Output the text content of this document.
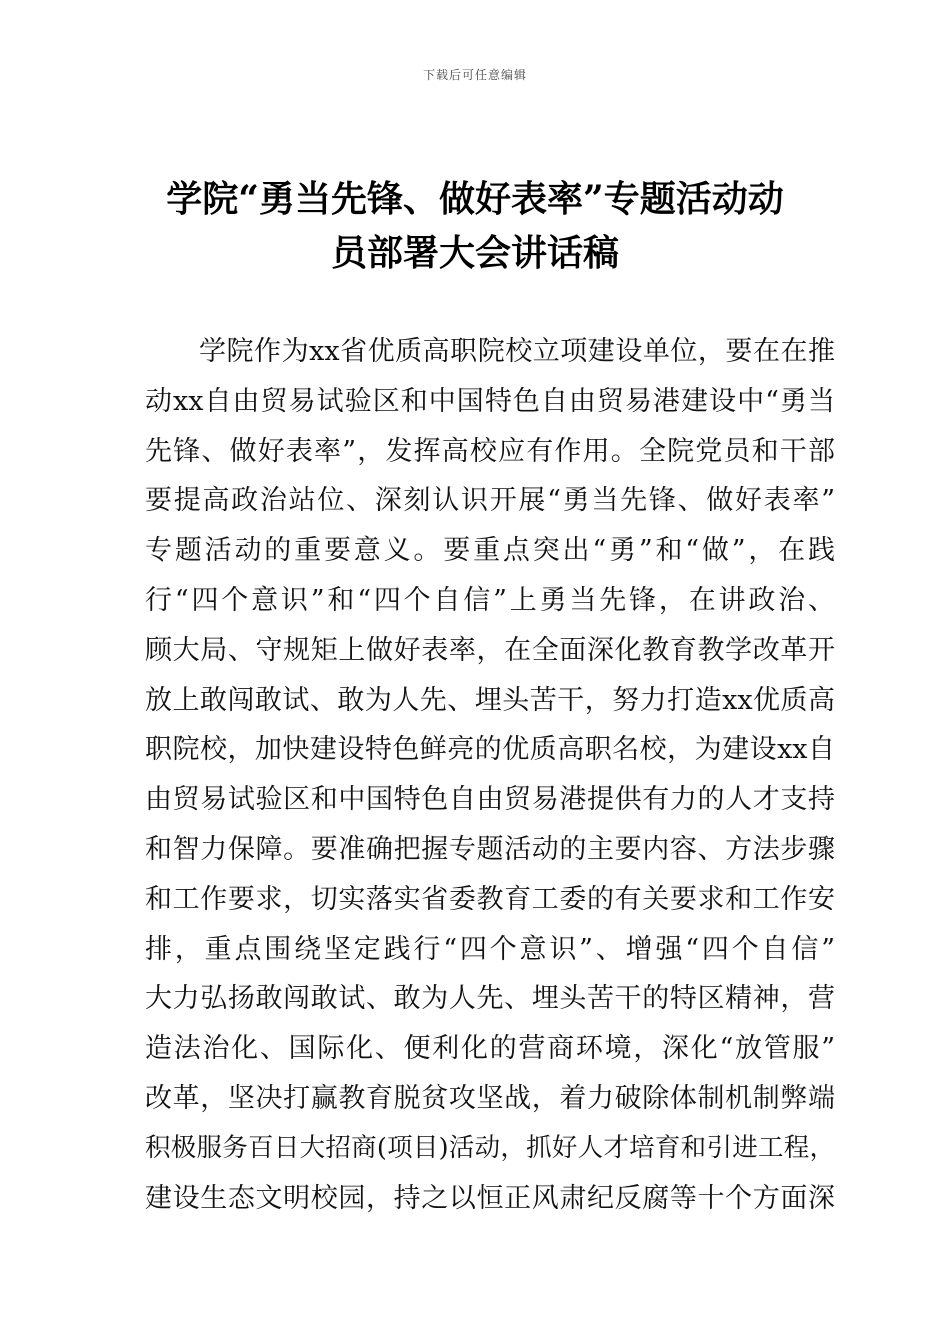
下载后可任意编辑
学院“勇当先锋、做好表率”专题活动动
员部署大会讲话稿
学院作为xx省优质高职院校立项建设单位，要在在推
动xx自由贸易试验区和中国特色自由贸易港建设中“勇当
先锋、做好表率”，发挥高校应有作用。全院党员和干部
要提高政治站位、深刻认识开展“勇当先锋、做好表率”
专题活动的重要意义。要重点突出“勇”和“做”，在践
行“四个意识”和“四个自信”上勇当先锋，在讲政治、
顾大局、守规矩上做好表率，在全面深化教育教学改革开
放上敢闯敢试、敢为人先、埋头苦干，努力打造xx优质高
职院校，加快建设特色鲜亮的优质高职名校，为建设xx自
由贸易试验区和中国特色自由贸易港提供有力的人才支持
和智力保障。要准确把握专题活动的主要内容、方法步骤
和工作要求，切实落实省委教育工委的有关要求和工作安
排，重点围绕坚定践行“四个意识”、增强“四个自信”
大力弘扬敢闯敢试、敢为人先、埋头苦干的特区精神，营
造法治化、国际化、便利化的营商环境，深化“放管服”
改革，坚决打赢教育脱贫攻坚战，着力破除体制机制弊端
积极服务百日大招商(项目)活动，抓好人才培育和引进工程，
建设生态文明校园，持之以恒正风肃纪反腐等十个方面深
